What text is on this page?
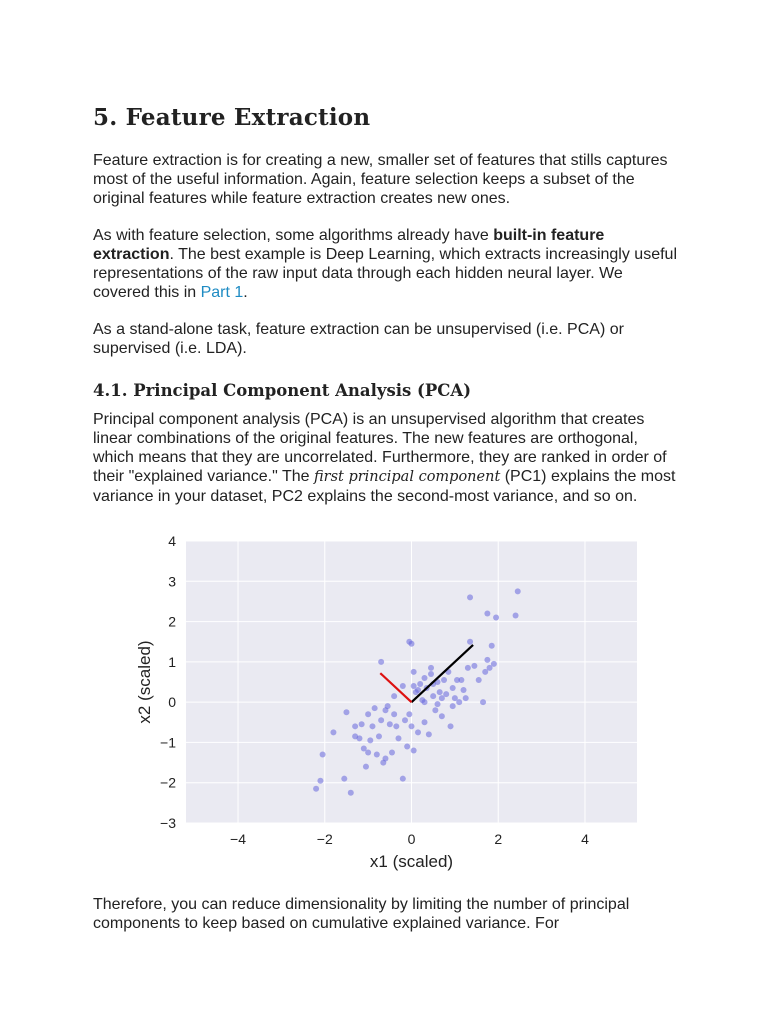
5. Feature Extraction

Feature extraction is for creating a new, smaller set of features that stills captures most of the useful information. Again, feature selection keeps a subset of the original features while feature extraction creates new ones.

As with feature selection, some algorithms already have built-in feature extraction. The best example is Deep Learning, which extracts increasingly useful representations of the raw input data through each hidden neural layer. We covered this in Part 1.

As a stand-alone task, feature extraction can be unsupervised (i.e. PCA) or supervised (i.e. LDA).

4.1. Principal Component Analysis (PCA)

Principal component analysis (PCA) is an unsupervised algorithm that creates linear combinations of the original features. The new features are orthogonal, which means that they are uncorrelated. Furthermore, they are ranked in order of their "explained variance." The first principal component (PC1) explains the most variance in your dataset, PC2 explains the second-most variance, and so on.

−4	−2	0	2	4
−3
−2
−1
0
1
2
3
4
x1 (scaled)
x2 (scaled)

Therefore, you can reduce dimensionality by limiting the number of principal components to keep based on cumulative explained variance. For
